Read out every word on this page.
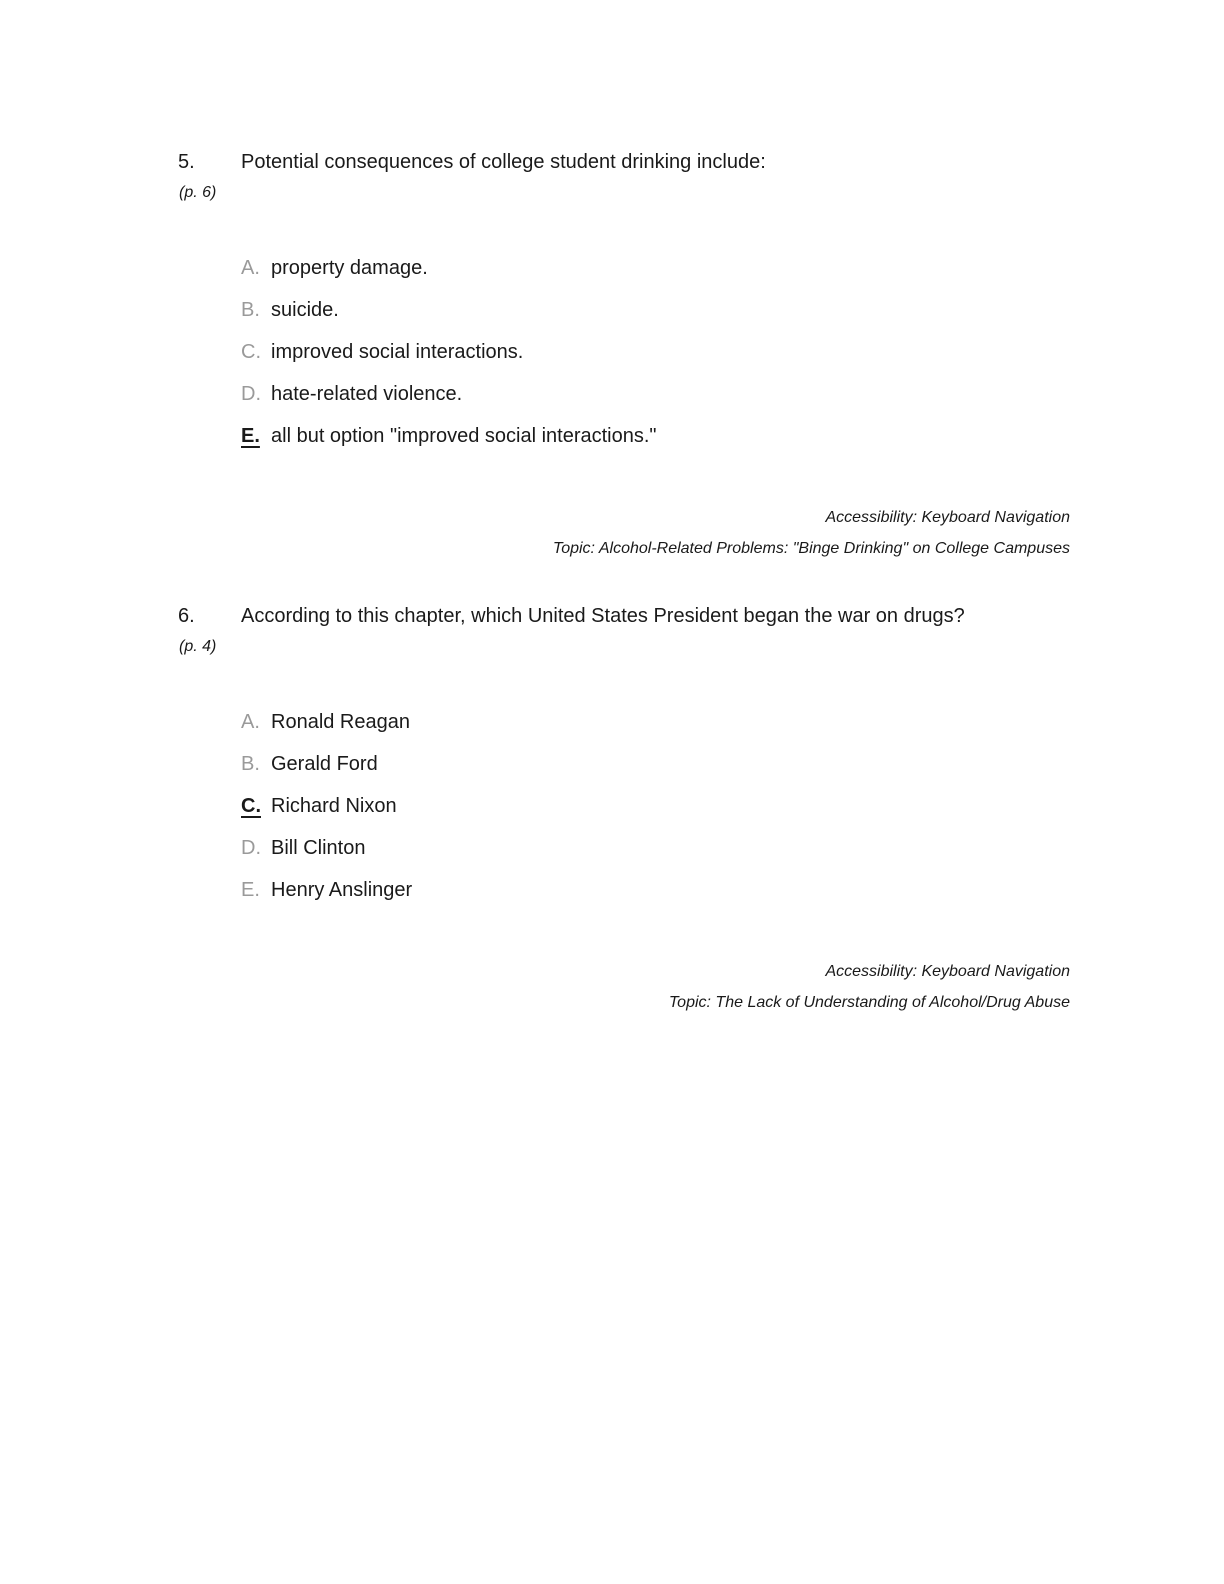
5. Potential consequences of college student drinking include:
(p. 6)
A. property damage.
B. suicide.
C. improved social interactions.
D. hate-related violence.
E. all but option "improved social interactions."
Accessibility: Keyboard Navigation
Topic: Alcohol-Related Problems: "Binge Drinking" on College Campuses
6. According to this chapter, which United States President began the war on drugs?
(p. 4)
A. Ronald Reagan
B. Gerald Ford
C. Richard Nixon
D. Bill Clinton
E. Henry Anslinger
Accessibility: Keyboard Navigation
Topic: The Lack of Understanding of Alcohol/Drug Abuse
